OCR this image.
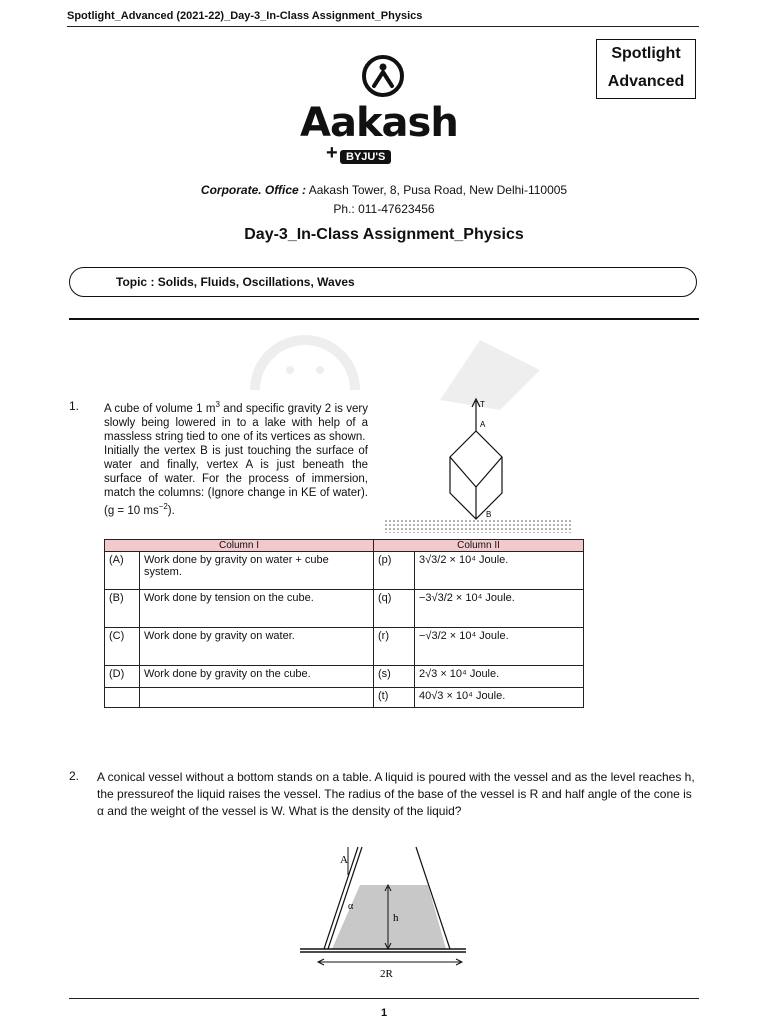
Spotlight_Advanced (2021-22)_Day-3_In-Class Assignment_Physics
Spotlight
Advanced
Aakash
+ BYJU'S
Corporate. Office : Aakash Tower, 8, Pusa Road, New Delhi-110005
Ph.: 011-47623456
Day-3_In-Class Assignment_Physics
Topic : Solids, Fluids, Oscillations, Waves
1. A cube of volume 1 $m^3$ and specific gravity 2 is very slowly being lowered in to a lake with help of a massless string tied to one of its vertices as shown.
Initially the vertex B is just touching the surface of water and finally, vertex A is just beneath the surface of water. For the process of immersion, match the columns: (Ignore change in KE of water). (g = 10 $ms^{-2}$).
T
A
B
Column I		Column II	
(A)	Work done by gravity on water + cube system.	(p)	3√3/2 × 10⁴ Joule.
(B)	Work done by tension on the cube.	(q)	−3√3/2 × 10⁴ Joule.
(C)	Work done by gravity on water.	(r)	−√3/2 × 10⁴ Joule.
(D)	Work done by gravity on the cube.	(s)	2√3 × 10⁴ Joule.
		(t)	40√3 × 10⁴ Joule.
2. A conical vessel without a bottom stands on a table. A liquid is poured with the vessel and as the level reaches h, the pressureof the liquid raises the vessel. The radius of the base of the vessel is R and half angle of the cone is α and the weight of the vessel is W. What is the density of the liquid?
A
α
h
2R
1
